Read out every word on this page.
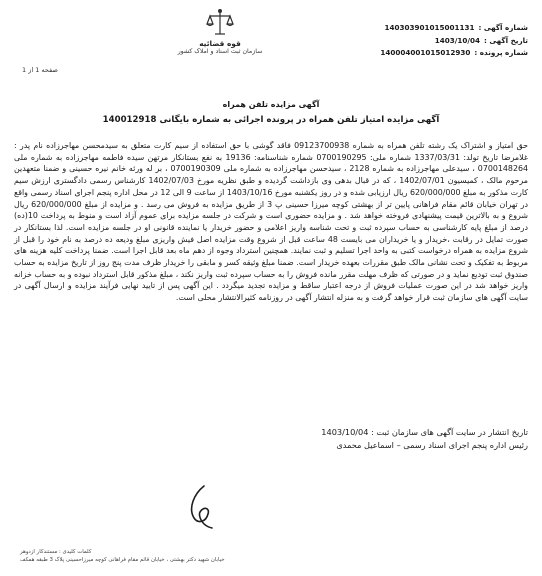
شماره آگهی :
140303901015001131
تاریخ آگهی :
1403/10/04
شماره پرونده :
140004001015012930
قوه قضائیه
سازمان ثبت اسناد و املاک کشور
صفحه 1 از 1
آگهی مزایده تلفن همراه
آگهی مزایده امتیاز تلفن همراه در پرونده اجرائی به شماره بایگانی 140012918
حق امتیاز و اشتراک یک رشته تلفن همراه به شماره 09123700938 فاقد گوشی با حق استفاده از سیم کارت متعلق به سیدمحسن مهاجرزاده نام پدر : غلامرضا تاریخ تولد: 1337/03/31 شماره ملی: 0700190295 شماره شناسنامه: 19136 به نفع بستانکار مرتهن سیده فاطمه مهاجرزاده به شماره ملی 0700148264 ، سیدعلی مهاجرزاده به شماره 2128 ، سیدحسن مهاجرزاده به شماره ملی 0700190309 ، بر له ورثه خانم نیره حسینی و ضمنا متعهدین مرحوم مالک ، کمیسیون 1402/07/01 ، که در قبال بدهی وی بازداشت گردیده و طبق نظریه مورخ 1402/07/03 کارشناس رسمی دادگستری ارزش سیم کارت مذکور به مبلغ 620/000/000 ریال ارزیابی شده و در روز یکشنبه مورخ 1403/10/16 از ساعت 9 الی 12 در محل اداره پنجم اجرای اسناد رسمی واقع در تهران خیابان قائم مقام فراهانی پایین تر از بهشتی کوچه میرزا حسینی پ 3 از طریق مزایده به فروش می رسد . و مزایده از مبلغ 620/000/000 ریال شروع و به بالاترین قیمت پیشنهادی فروخته خواهد شد . و مزایده حضوری است و شرکت در جلسه مزایده برای عموم آزاد است و منوط به پرداخت 10(ده) درصد از مبلغ پایه کارشناسی به حساب سپرده ثبت و تحت شناسه واریز اعلامی و حضور خریدار یا نماینده قانونی او در جلسه مزایده است. لذا بستانکار در صورت تمایل در رقابت ،خریدار و یا خریداران می بایست 48 ساعت قبل از شروع وقت مزایده اصل فیش واریزی مبلغ ودیعه ده درصد به نام خود را قبل از شروع مزایده به همراه درخواست کتبی به واحد اجرا تسلیم و ثبت نمایند. همچنین استرداد وجوه از دهم ماه بعد قابل اجرا است. ضمنا پرداخت کلیه هزینه های مربوط به تفکیک و تحت نشانی مالک طبق مقررات بعهده خریدار است. ضمنا مبلغ وثیقه کسر و مابقی را خریدار ظرف مدت پنج روز از تاریخ مزایده به حساب صندوق ثبت تودیع نماید و در صورتی که ظرف مهلت مقرر مانده فروش را به حساب سپرده ثبت واریز نکند ، مبلغ مذکور قابل استرداد نبوده و به حساب خزانه واریز خواهد شد در این صورت عملیات فروش از درجه اعتبار ساقط و مزایده تجدید میگردد . این آگهی پس از تایید نهایی فرآیند مزایده و ارسال آگهی در سایت آگهی های سازمان ثبت قرار خواهد گرفت و به منزله انتشار آگهی در روزنامه کثیرالانتشار محلی است.
تاریخ انتشار در سایت آگهی های سازمان ثبت : 1403/10/04
رئیس اداره پنجم اجرای اسناد رسمی – اسماعیل محمدی
کلمات کلیدی : مستندکار ازدوهر
خیابان شهید دکتر بهشتی ، خیابان قائم مقام فراهانی کوچه میرزاحسینی پلاک 3 طبقه همکف
